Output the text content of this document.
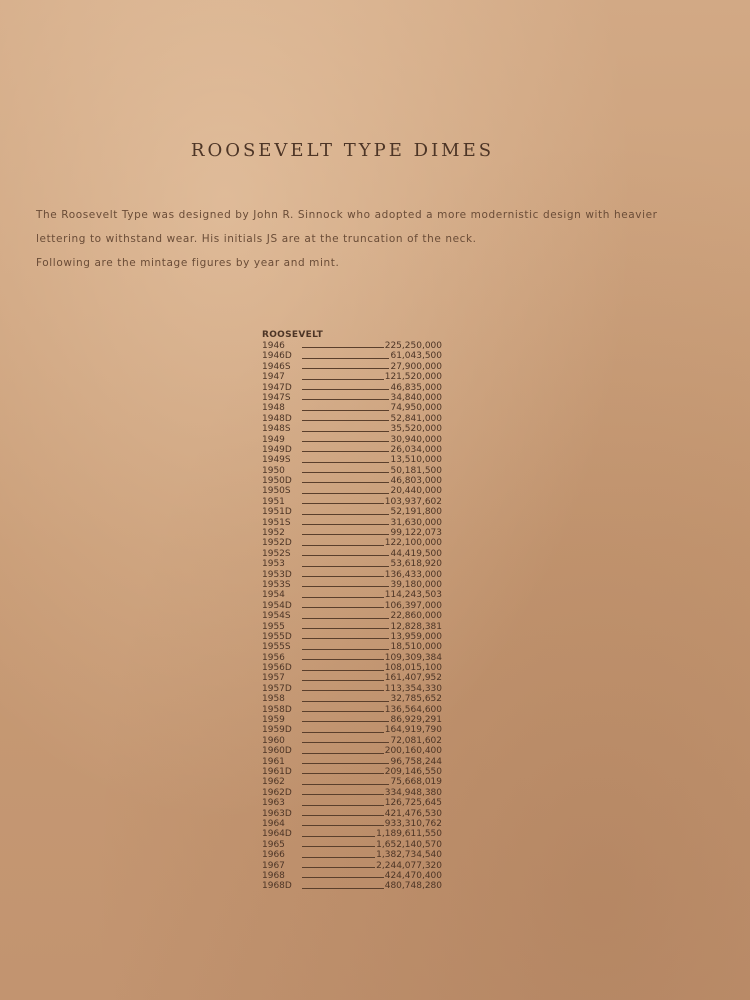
ROOSEVELT TYPE DIMES

The Roosevelt Type was designed by John R. Sinnock who adopted a more modernistic design with heavier lettering to withstand wear. His initials JS are at the truncation of the neck.

Following are the mintage figures by year and mint.

ROOSEVELT
1946	225,250,000
1946D	61,043,500
1946S	27,900,000
1947	121,520,000
1947D	46,835,000
1947S	34,840,000
1948	74,950,000
1948D	52,841,000
1948S	35,520,000
1949	30,940,000
1949D	26,034,000
1949S	13,510,000
1950	50,181,500
1950D	46,803,000
1950S	20,440,000
1951	103,937,602
1951D	52,191,800
1951S	31,630,000
1952	99,122,073
1952D	122,100,000
1952S	44,419,500
1953	53,618,920
1953D	136,433,000
1953S	39,180,000
1954	114,243,503
1954D	106,397,000
1954S	22,860,000
1955	12,828,381
1955D	13,959,000
1955S	18,510,000
1956	109,309,384
1956D	108,015,100
1957	161,407,952
1957D	113,354,330
1958	32,785,652
1958D	136,564,600
1959	86,929,291
1959D	164,919,790
1960	72,081,602
1960D	200,160,400
1961	96,758,244
1961D	209,146,550
1962	75,668,019
1962D	334,948,380
1963	126,725,645
1963D	421,476,530
1964	933,310,762
1964D	1,189,611,550
1965	1,652,140,570
1966	1,382,734,540
1967	2,244,077,320
1968	424,470,400
1968D	480,748,280
